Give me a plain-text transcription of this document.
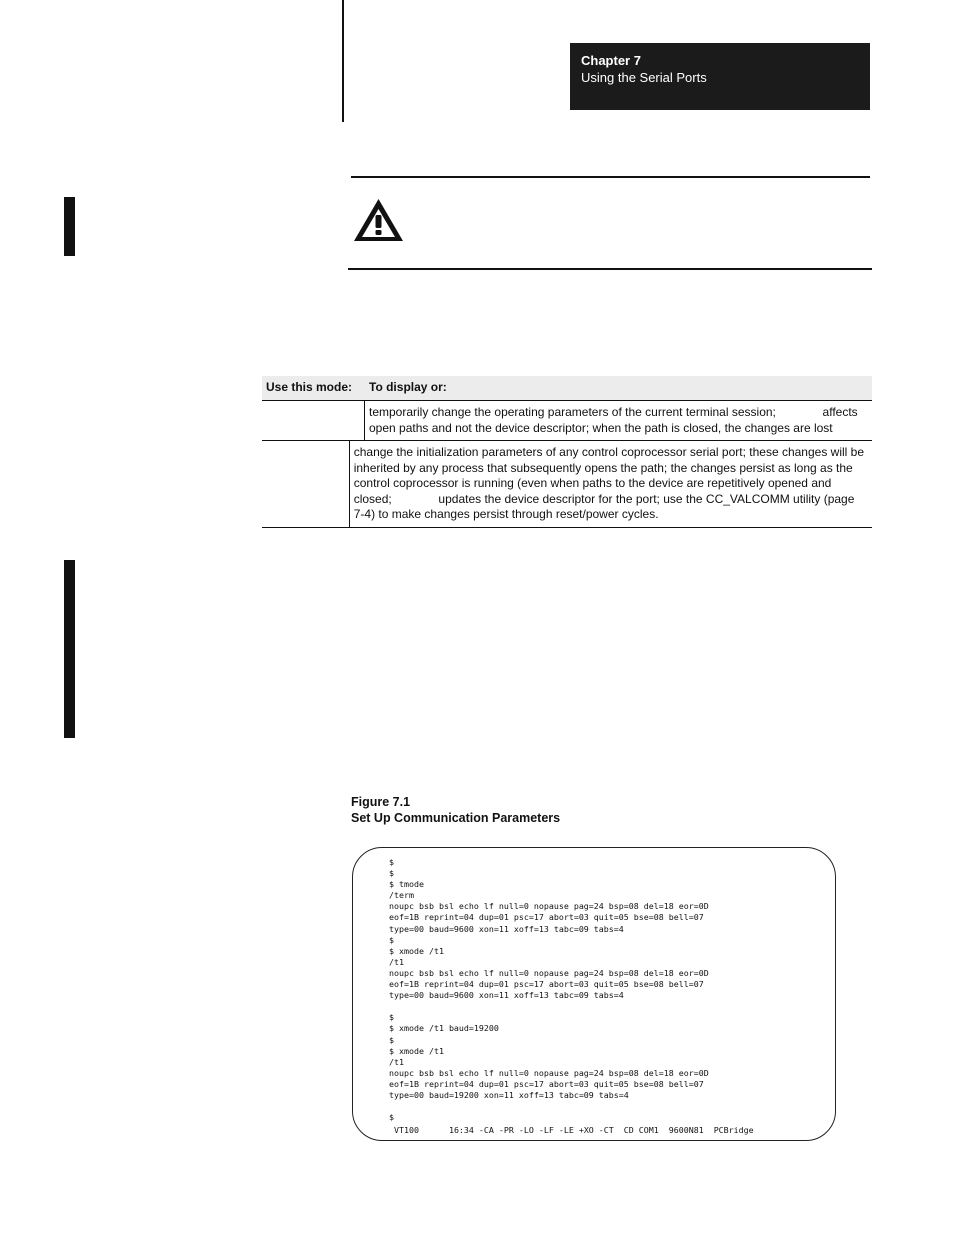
Chapter 7
Using the Serial Ports
Use this mode:	To display or:
temporarily change the operating parameters of the current terminal session;              affects
open paths and not the device descriptor; when the path is closed, the changes are lost
change the initialization parameters of any control coprocessor serial port; these changes will be
inherited by any process that subsequently opens the path; the changes persist as long as the
control coprocessor is running (even when paths to the device are repetitively opened and
closed;              updates the device descriptor for the port; use the CC_VALCOMM utility (page
7-4) to make changes persist through reset/power cycles.
Figure 7.1
Set Up Communication Parameters
$
$
$ tmode
/term
noupc bsb bsl echo lf null=0 nopause pag=24 bsp=08 del=18 eor=0D
eof=1B reprint=04 dup=01 psc=17 abort=03 quit=05 bse=08 bell=07
type=00 baud=9600 xon=11 xoff=13 tabc=09 tabs=4
$
$ xmode /t1
/t1
noupc bsb bsl echo lf null=0 nopause pag=24 bsp=08 del=18 eor=0D
eof=1B reprint=04 dup=01 psc=17 abort=03 quit=05 bse=08 bell=07
type=00 baud=9600 xon=11 xoff=13 tabc=09 tabs=4

$
$ xmode /t1 baud=19200
$
$ xmode /t1
/t1
noupc bsb bsl echo lf null=0 nopause pag=24 bsp=08 del=18 eor=0D
eof=1B reprint=04 dup=01 psc=17 abort=03 quit=05 bse=08 bell=07
type=00 baud=19200 xon=11 xoff=13 tabc=09 tabs=4

$
VT100      16:34 -CA -PR -LO -LF -LE +XO -CT  CD COM1  9600N81  PCBridge
